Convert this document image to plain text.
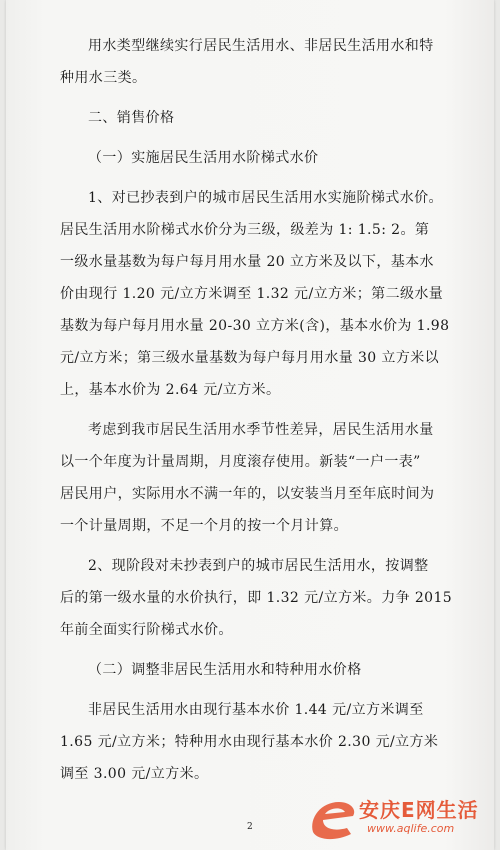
用水类型继续实行居民生活用水、非居民生活用水和特
种用水三类。
二、销售价格
（一）实施居民生活用水阶梯式水价
1、对已抄表到户的城市居民生活用水实施阶梯式水价。
居民生活用水阶梯式水价分为三级，级差为 1: 1.5: 2。第
一级水量基数为每户每月用水量 20 立方米及以下，基本水
价由现行 1.20 元/立方米调至 1.32 元/立方米；第二级水量
基数为每户每月用水量 20-30 立方米(含)，基本水价为 1.98
元/立方米；第三级水量基数为每户每月用水量 30 立方米以
上，基本水价为 2.64 元/立方米。
考虑到我市居民生活用水季节性差异，居民生活用水量
以一个年度为计量周期，月度滚存使用。新装“一户一表”
居民用户，实际用水不满一年的，以安装当月至年底时间为
一个计量周期，不足一个月的按一个月计算。
2、现阶段对未抄表到户的城市居民生活用水，按调整
后的第一级水量的水价执行，即 1.32 元/立方米。力争 2015
年前全面实行阶梯式水价。
（二）调整非居民生活用水和特种用水价格
非居民生活用水由现行基本水价 1.44 元/立方米调至
1.65 元/立方米；特种用水由现行基本水价 2.30 元/立方米
调至 3.00 元/立方米。
2
安庆E网生活
www.aqlife.com
